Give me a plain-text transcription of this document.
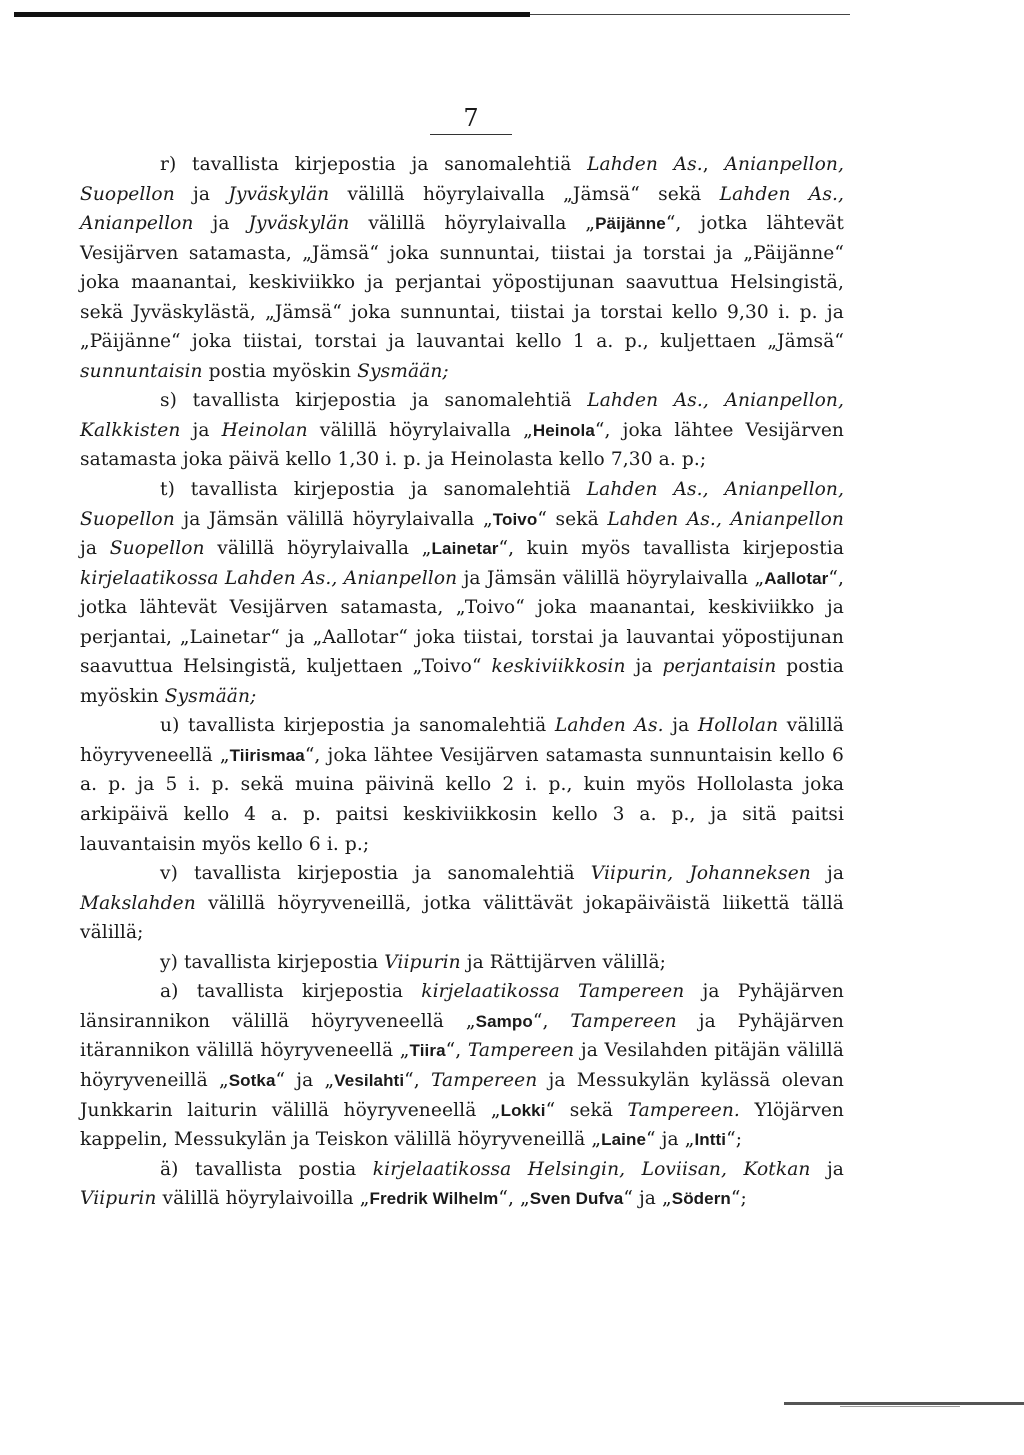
7

r) tavallista kirjepostia ja sanomalehtiä Lahden As., Anianpellon, Suopellon ja Jyväskylän välillä höyrylaivalla „Jämsä“ sekä Lahden As., Anianpellon ja Jyväskylän välillä höyrylaivalla „Päijänne“, jotka lähtevät Vesijärven satamasta, „Jämsä“ joka sunnuntai, tiistai ja torstai ja „Päijänne“ joka maanantai, keskiviikko ja perjantai yöpostijunan saavuttua Helsingistä, sekä Jyväskylästä, „Jämsä“ joka sunnuntai, tiistai ja torstai kello 9,30 i. p. ja „Päijänne“ joka tiistai, torstai ja lauvantai kello 1 a. p., kuljettaen „Jämsä“ sunnuntaisin postia myöskin Sysmään;

s) tavallista kirjepostia ja sanomalehtiä Lahden As., Anianpellon, Kalkkisten ja Heinolan välillä höyrylaivalla „Heinola“, joka lähtee Vesijärven satamasta joka päivä kello 1,30 i. p. ja Heinolasta kello 7,30 a. p.;

t) tavallista kirjepostia ja sanomalehtiä Lahden As., Anianpellon, Suopellon ja Jämsän välillä höyrylaivalla „Toivo“ sekä Lahden As., Anianpellon ja Suopellon välillä höyrylaivalla „Lainetar“, kuin myös tavallista kirjepostia kirjelaatikossa Lahden As., Anianpellon ja Jämsän välillä höyrylaivalla „Aallotar“, jotka lähtevät Vesijärven satamasta, „Toivo“ joka maanantai, keskiviikko ja perjantai, „Lainetar“ ja „Aallotar“ joka tiistai, torstai ja lauvantai yöpostijunan saavuttua Helsingistä, kuljettaen „Toivo“ keskiviikkosin ja perjantaisin postia myöskin Sysmään;

u) tavallista kirjepostia ja sanomalehtiä Lahden As. ja Hollolan välillä höyryveneellä „Tiirismaa“, joka lähtee Vesijärven satamasta sunnuntaisin kello 6 a. p. ja 5 i. p. sekä muina päivinä kello 2 i. p., kuin myös Hollolasta joka arkipäivä kello 4 a. p. paitsi keskiviikkosin kello 3 a. p., ja sitä paitsi lauvantaisin myös kello 6 i. p.;

v) tavallista kirjepostia ja sanomalehtiä Viipurin, Johanneksen ja Makslahden välillä höyryveneillä, jotka välittävät jokapäiväistä liikettä tällä välillä;

y) tavallista kirjepostia Viipurin ja Rättijärven välillä;

a) tavallista kirjepostia kirjelaatikossa Tampereen ja Pyhäjärven länsirannikon välillä höyryveneellä „Sampo“, Tampereen ja Pyhäjärven itärannikon välillä höyryveneellä „Tiira“, Tampereen ja Vesilahden pitäjän välillä höyryveneillä „Sotka“ ja „Vesilahti“, Tampereen ja Messukylän kylässä olevan Junkkarin laiturin välillä höyryveneellä „Lokki“ sekä Tampereen. Ylöjärven kappelin, Messukylän ja Teiskon välillä höyryveneillä „Laine“ ja „Intti“;

ä) tavallista postia kirjelaatikossa Helsingin, Loviisan, Kotkan ja Viipurin välillä höyrylaivoilla „Fredrik Wilhelm“, „Sven Dufva“ ja „Södern“;
